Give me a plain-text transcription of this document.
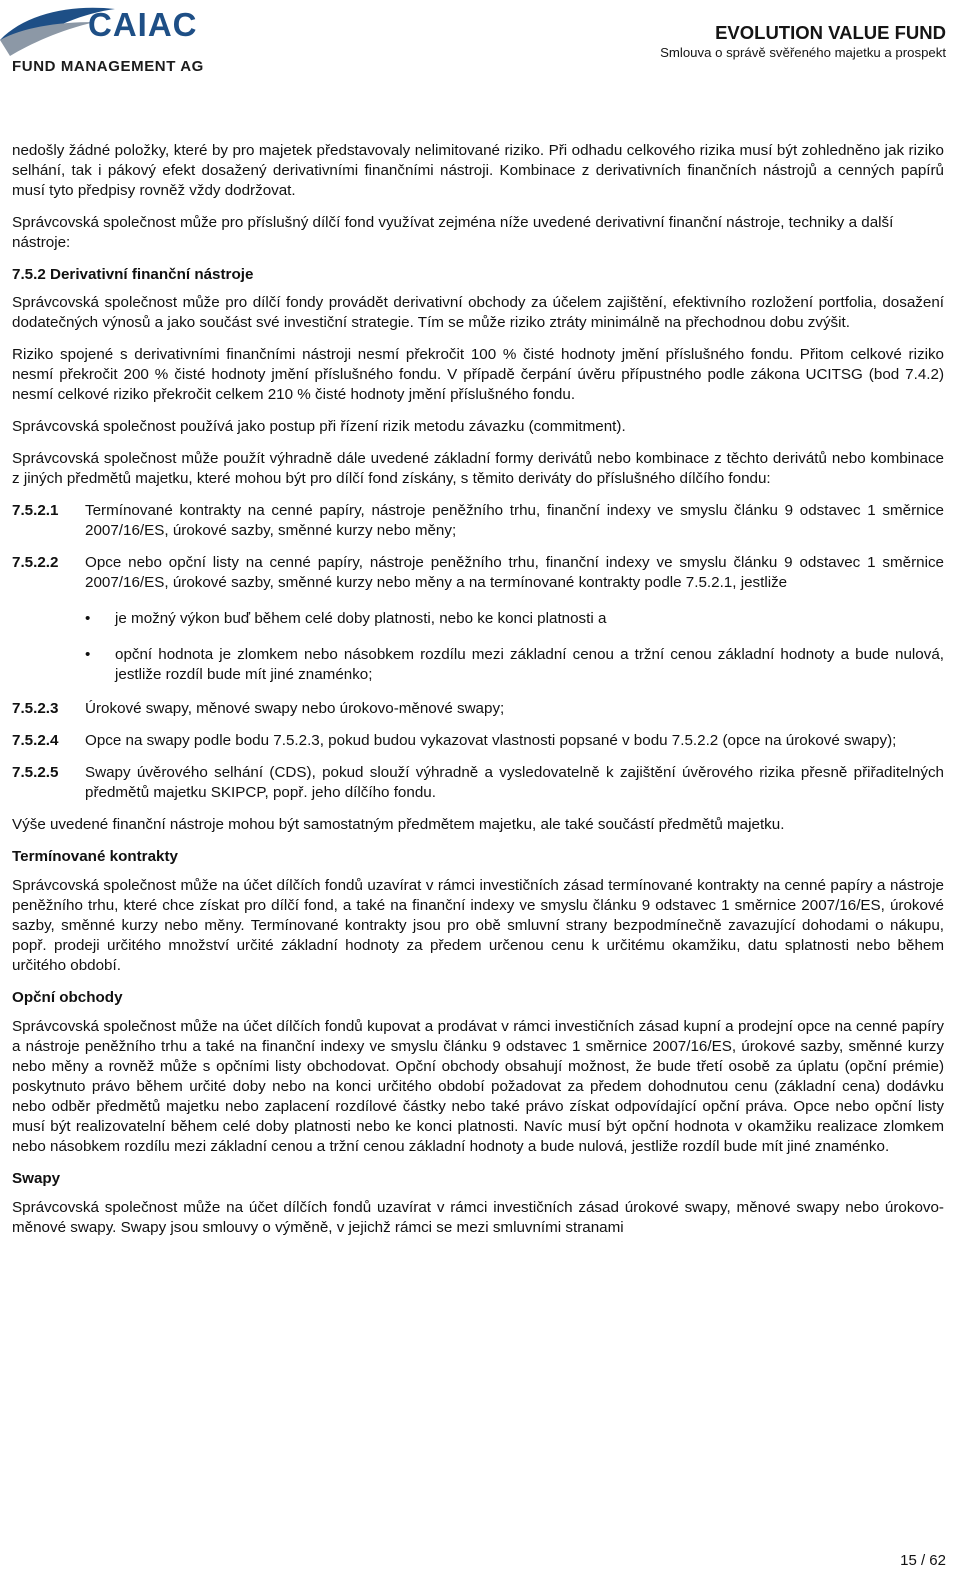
CAIAC
FUND MANAGEMENT AG
EVOLUTION VALUE FUND
Smlouva o správě svěřeného majetku a prospekt

nedošly žádné položky, které by pro majetek představovaly nelimitované riziko. Při odhadu celkového rizika musí být zohledněno jak riziko selhání, tak i pákový efekt dosažený derivativními finančními nástroji. Kombinace z derivativních finančních nástrojů a cenných papírů musí tyto předpisy rovněž vždy dodržovat.

Správcovská společnost může pro příslušný dílčí fond využívat zejména níže uvedené derivativní finanční nástroje, techniky a další nástroje:

7.5.2 Derivativní finanční nástroje

Správcovská společnost může pro dílčí fondy provádět derivativní obchody za účelem zajištění, efektivního rozložení portfolia, dosažení dodatečných výnosů a jako součást své investiční strategie. Tím se může riziko ztráty minimálně na přechodnou dobu zvýšit.

Riziko spojené s derivativními finančními nástroji nesmí překročit 100 % čisté hodnoty jmění příslušného fondu. Přitom celkové riziko nesmí překročit 200 % čisté hodnoty jmění příslušného fondu. V případě čerpání úvěru přípustného podle zákona UCITSG (bod 7.4.2) nesmí celkové riziko překročit celkem 210 % čisté hodnoty jmění příslušného fondu.

Správcovská společnost používá jako postup při řízení rizik metodu závazku (commitment).

Správcovská společnost může použít výhradně dále uvedené základní formy derivátů nebo kombinace z těchto derivátů nebo kombinace z jiných předmětů majetku, které mohou být pro dílčí fond získány, s těmito deriváty do příslušného dílčího fondu:

7.5.2.1	Termínované kontrakty na cenné papíry, nástroje peněžního trhu, finanční indexy ve smyslu článku 9 odstavec 1 směrnice 2007/16/ES, úrokové sazby, směnné kurzy nebo měny;
7.5.2.2	Opce nebo opční listy na cenné papíry, nástroje peněžního trhu, finanční indexy ve smyslu článku 9 odstavec 1 směrnice 2007/16/ES, úrokové sazby, směnné kurzy nebo měny a na termínované kontrakty podle 7.5.2.1, jestliže
•	je možný výkon buď během celé doby platnosti, nebo ke konci platnosti a
•	opční hodnota je zlomkem nebo násobkem rozdílu mezi základní cenou a tržní cenou základní hodnoty a bude nulová, jestliže rozdíl bude mít jiné znaménko;
7.5.2.3	Úrokové swapy, měnové swapy nebo úrokovo-měnové swapy;
7.5.2.4	Opce na swapy podle bodu 7.5.2.3, pokud budou vykazovat vlastnosti popsané v bodu 7.5.2.2 (opce na úrokové swapy);
7.5.2.5	Swapy úvěrového selhání (CDS), pokud slouží výhradně a vysledovatelně k zajištění úvěrového rizika přesně přiřaditelných předmětů majetku SKIPCP, popř. jeho dílčího fondu.

Výše uvedené finanční nástroje mohou být samostatným předmětem majetku, ale také součástí předmětů majetku.

Termínované kontrakty

Správcovská společnost může na účet dílčích fondů uzavírat v rámci investičních zásad termínované kontrakty na cenné papíry a nástroje peněžního trhu, které chce získat pro dílčí fond, a také na finanční indexy ve smyslu článku 9 odstavec 1 směrnice 2007/16/ES, úrokové sazby, směnné kurzy nebo měny. Termínované kontrakty jsou pro obě smluvní strany bezpodmínečně zavazující dohodami o nákupu, popř. prodeji určitého množství určité základní hodnoty za předem určenou cenu k určitému okamžiku, datu splatnosti nebo během určitého období.

Opční obchody

Správcovská společnost může na účet dílčích fondů kupovat a prodávat v rámci investičních zásad kupní a prodejní opce na cenné papíry a nástroje peněžního trhu a také na finanční indexy ve smyslu článku 9 odstavec 1 směrnice 2007/16/ES, úrokové sazby, směnné kurzy nebo měny a rovněž může s opčními listy obchodovat. Opční obchody obsahují možnost, že bude třetí osobě za úplatu (opční prémie) poskytnuto právo během určité doby nebo na konci určitého období požadovat za předem dohodnutou cenu (základní cena) dodávku nebo odběr předmětů majetku nebo zaplacení rozdílové částky nebo také právo získat odpovídající opční práva. Opce nebo opční listy musí být realizovatelní během celé doby platnosti nebo ke konci platnosti. Navíc musí být opční hodnota v okamžiku realizace zlomkem nebo násobkem rozdílu mezi základní cenou a tržní cenou základní hodnoty a bude nulová, jestliže rozdíl bude mít jiné znaménko.

Swapy

Správcovská společnost může na účet dílčích fondů uzavírat v rámci investičních zásad úrokové swapy, měnové swapy nebo úrokovo-měnové swapy. Swapy jsou smlouvy o výměně, v jejichž rámci se mezi smluvními stranami

15 / 62
